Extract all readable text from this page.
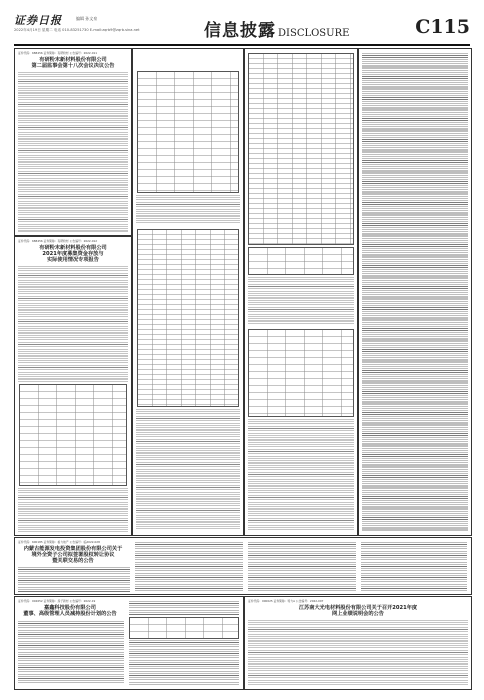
证券日报	编辑 孙文泉
2022年4月19日 星期二 电话 010-83251730 E-mail:zqrb9@zqrb.sina.net	信息披露 DISCLOSURE	C115
证券代码：688456 证券简称：有研粉材 公告编号：2022-011
有研粉末新材料股份有限公司
第二届监事会第十八次会议决议公告
证券代码：688456 证券简称：有研粉材 公告编号：2022-012
有研粉末新材料股份有限公司
2021年度募集资金存放与
实际使用情况专项报告
证券代码：600185 证券简称：格力地产 公告编号：临2022-028
内蒙古能源发电投资集团股份有限公司关于
境外全资子公司拟签署股权转让协议
暨关联交易的公告
证券代码：002652 证券简称：扬子新材 公告编号：2022-19
嘉鑫科技股份有限公司
董事、高级管理人员减持股份计划的公告
证券代码：000025 证券简称：特力A 公告编号：2022-007
江苏南大光电材料股份有限公司关于召开2021年度
网上业绩说明会的公告
